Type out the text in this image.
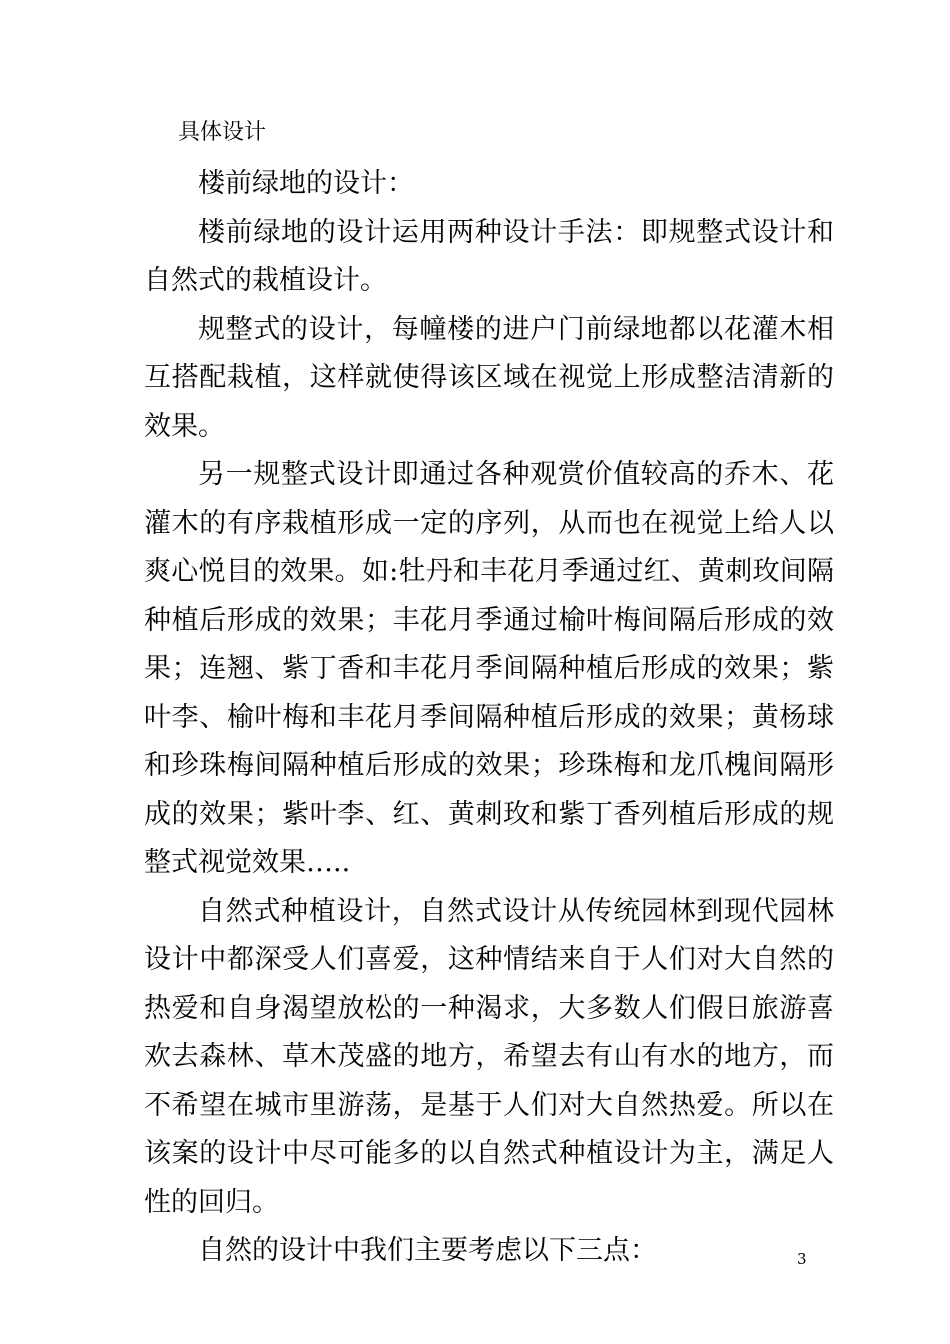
具体设计

楼前绿地的设计：

楼前绿地的设计运用两种设计手法：即规整式设计和自然式的栽植设计。

规整式的设计，每幢楼的进户门前绿地都以花灌木相互搭配栽植，这样就使得该区域在视觉上形成整洁清新的效果。

另一规整式设计即通过各种观赏价值较高的乔木、花灌木的有序栽植形成一定的序列，从而也在视觉上给人以爽心悦目的效果。如:牡丹和丰花月季通过红、黄刺玫间隔种植后形成的效果；丰花月季通过榆叶梅间隔后形成的效果；连翘、紫丁香和丰花月季间隔种植后形成的效果；紫叶李、榆叶梅和丰花月季间隔种植后形成的效果；黄杨球和珍珠梅间隔种植后形成的效果；珍珠梅和龙爪槐间隔形成的效果；紫叶李、红、黄刺玫和紫丁香列植后形成的规整式视觉效果…..

自然式种植设计，自然式设计从传统园林到现代园林设计中都深受人们喜爱，这种情结来自于人们对大自然的热爱和自身渴望放松的一种渴求，大多数人们假日旅游喜欢去森林、草木茂盛的地方，希望去有山有水的地方，而不希望在城市里游荡，是基于人们对大自然热爱。所以在该案的设计中尽可能多的以自然式种植设计为主，满足人性的回归。

自然的设计中我们主要考虑以下三点：	3
